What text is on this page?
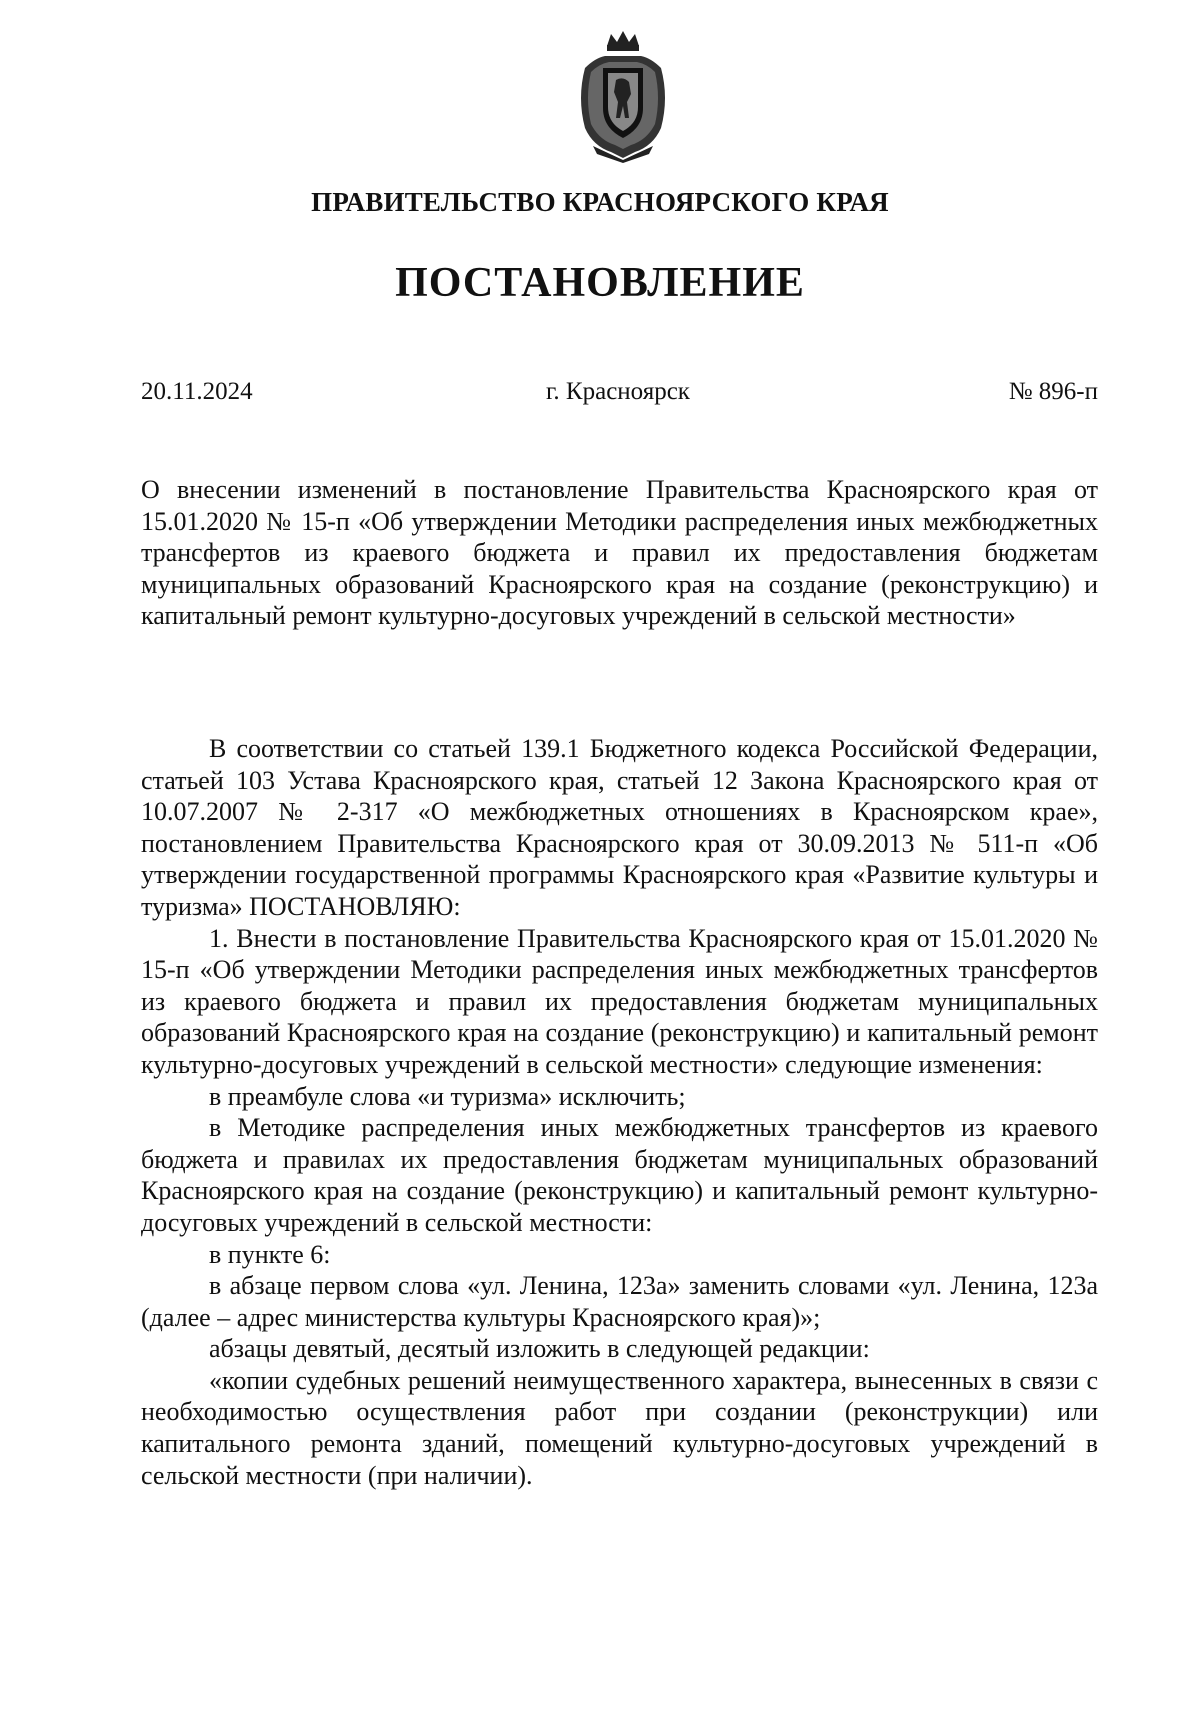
ПРАВИТЕЛЬСТВО КРАСНОЯРСКОГО КРАЯ
ПОСТАНОВЛЕНИЕ
20.11.2024	г. Красноярск	№ 896-п
О внесении изменений в постановление Правительства Красноярского края от 15.01.2020 № 15-п «Об утверждении Методики распределения иных межбюджетных трансфертов из краевого бюджета и правил их предоставления бюджетам муниципальных образований Красноярского края на создание (реконструкцию) и капитальный ремонт культурно-досуговых учреждений в сельской местности»

В соответствии со статьей 139.1 Бюджетного кодекса Российской Федерации, статьей 103 Устава Красноярского края, статьей 12 Закона Красноярского края от 10.07.2007 № 2-317 «О межбюджетных отношениях в Красноярском крае», постановлением Правительства Красноярского края от 30.09.2013 № 511-п «Об утверждении государственной программы Красноярского края «Развитие культуры и туризма» ПОСТАНОВЛЯЮ:

1. Внести в постановление Правительства Красноярского края от 15.01.2020 № 15-п «Об утверждении Методики распределения иных межбюджетных трансфертов из краевого бюджета и правил их предоставления бюджетам муниципальных образований Красноярского края на создание (реконструкцию) и капитальный ремонт культурно-досуговых учреждений в сельской местности» следующие изменения:

в преамбуле слова «и туризма» исключить;

в Методике распределения иных межбюджетных трансфертов из краевого бюджета и правилах их предоставления бюджетам муниципальных образований Красноярского края на создание (реконструкцию) и капитальный ремонт культурно-досуговых учреждений в сельской местности:

в пункте 6:

в абзаце первом слова «ул. Ленина, 123а» заменить словами «ул. Ленина, 123а (далее – адрес министерства культуры Красноярского края)»;

абзацы девятый, десятый изложить в следующей редакции:

«копии судебных решений неимущественного характера, вынесенных в связи с необходимостью осуществления работ при создании (реконструкции) или капитального ремонта зданий, помещений культурно-досуговых учреждений в сельской местности (при наличии).
